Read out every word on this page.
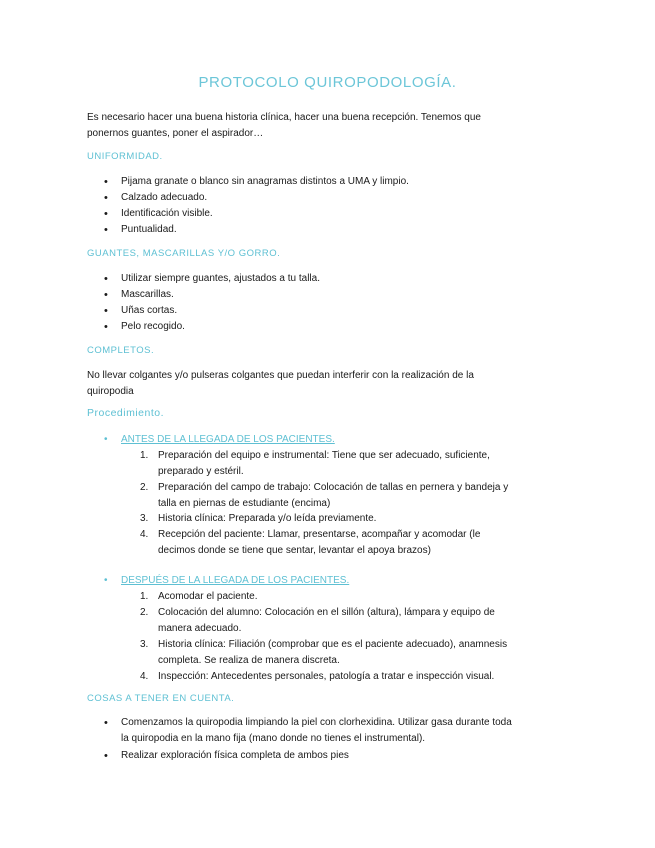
PROTOCOLO QUIROPODOLOGÍA.
Es necesario hacer una buena historia clínica, hacer una buena recepción. Tenemos que ponernos guantes, poner el aspirador…
UNIFORMIDAD.
• Pijama granate o blanco sin anagramas distintos a UMA y limpio.
• Calzado adecuado.
• Identificación visible.
• Puntualidad.
GUANTES, MASCARILLAS Y/O GORRO.
• Utilizar siempre guantes, ajustados a tu talla.
• Mascarillas.
• Uñas cortas.
• Pelo recogido.
COMPLETOS.
No llevar colgantes y/o pulseras colgantes que puedan interferir con la realización de la quiropodia
Procedimiento.
• ANTES DE LA LLEGADA DE LOS PACIENTES.
1. Preparación del equipo e instrumental: Tiene que ser adecuado, suficiente, preparado y estéril.
2. Preparación del campo de trabajo: Colocación de tallas en pernera y bandeja y talla en piernas de estudiante (encima)
3. Historia clínica: Preparada y/o leída previamente.
4. Recepción del paciente: Llamar, presentarse, acompañar y acomodar (le decimos donde se tiene que sentar, levantar el apoya brazos)
• DESPUÉS DE LA LLEGADA DE LOS PACIENTES.
1. Acomodar el paciente.
2. Colocación del alumno: Colocación en el sillón (altura), lámpara y equipo de manera adecuado.
3. Historia clínica: Filiación (comprobar que es el paciente adecuado), anamnesis completa. Se realiza de manera discreta.
4. Inspección: Antecedentes personales, patología a tratar e inspección visual.
COSAS A TENER EN CUENTA.
• Comenzamos la quiropodia limpiando la piel con clorhexidina. Utilizar gasa durante toda la quiropodia en la mano fija (mano donde no tienes el instrumental).
• Realizar exploración física completa de ambos pies
